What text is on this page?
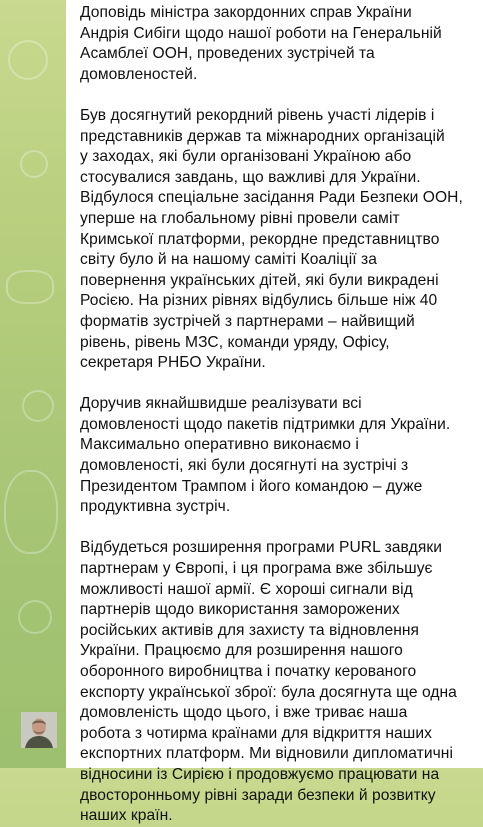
Доповідь міністра закордонних справ України
Андрія Сибіги щодо нашої роботи на Генеральній
Асамблеї ООН, проведених зустрічей та
домовленостей.

Був досягнутий рекордний рівень участі лідерів і
представників держав та міжнародних організацій
у заходах, які були організовані Україною або
стосувалися завдань, що важливі для України.
Відбулося спеціальне засідання Ради Безпеки ООН,
уперше на глобальному рівні провели саміт
Кримської платформи, рекордне представництво
світу було й на нашому саміті Коаліції за
повернення українських дітей, які були викрадені
Росією. На різних рівнях відбулись більше ніж 40
форматів зустрічей з партнерами – найвищий
рівень, рівень МЗС, команди уряду, Офісу,
секретаря РНБО України.

Доручив якнайшвидше реалізувати всі
домовленості щодо пакетів підтримки для України.
Максимально оперативно виконаємо і
домовленості, які були досягнуті на зустрічі з
Президентом Трампом і його командою – дуже
продуктивна зустріч.

Відбудеться розширення програми PURL завдяки
партнерам у Європі, і ця програма вже збільшує
можливості нашої армії. Є хороші сигнали від
партнерів щодо використання заморожених
російських активів для захисту та відновлення
України. Працюємо для розширення нашого
оборонного виробництва і початку керованого
експорту української зброї: була досягнута ще одна
домовленість щодо цього, і вже триває наша
робота з чотирма країнами для відкриття наших
експортних платформ. Ми відновили дипломатичні
відносини із Сирією і продовжуємо працювати на
двосторонньому рівні заради безпеки й розвитку
наших країн.
